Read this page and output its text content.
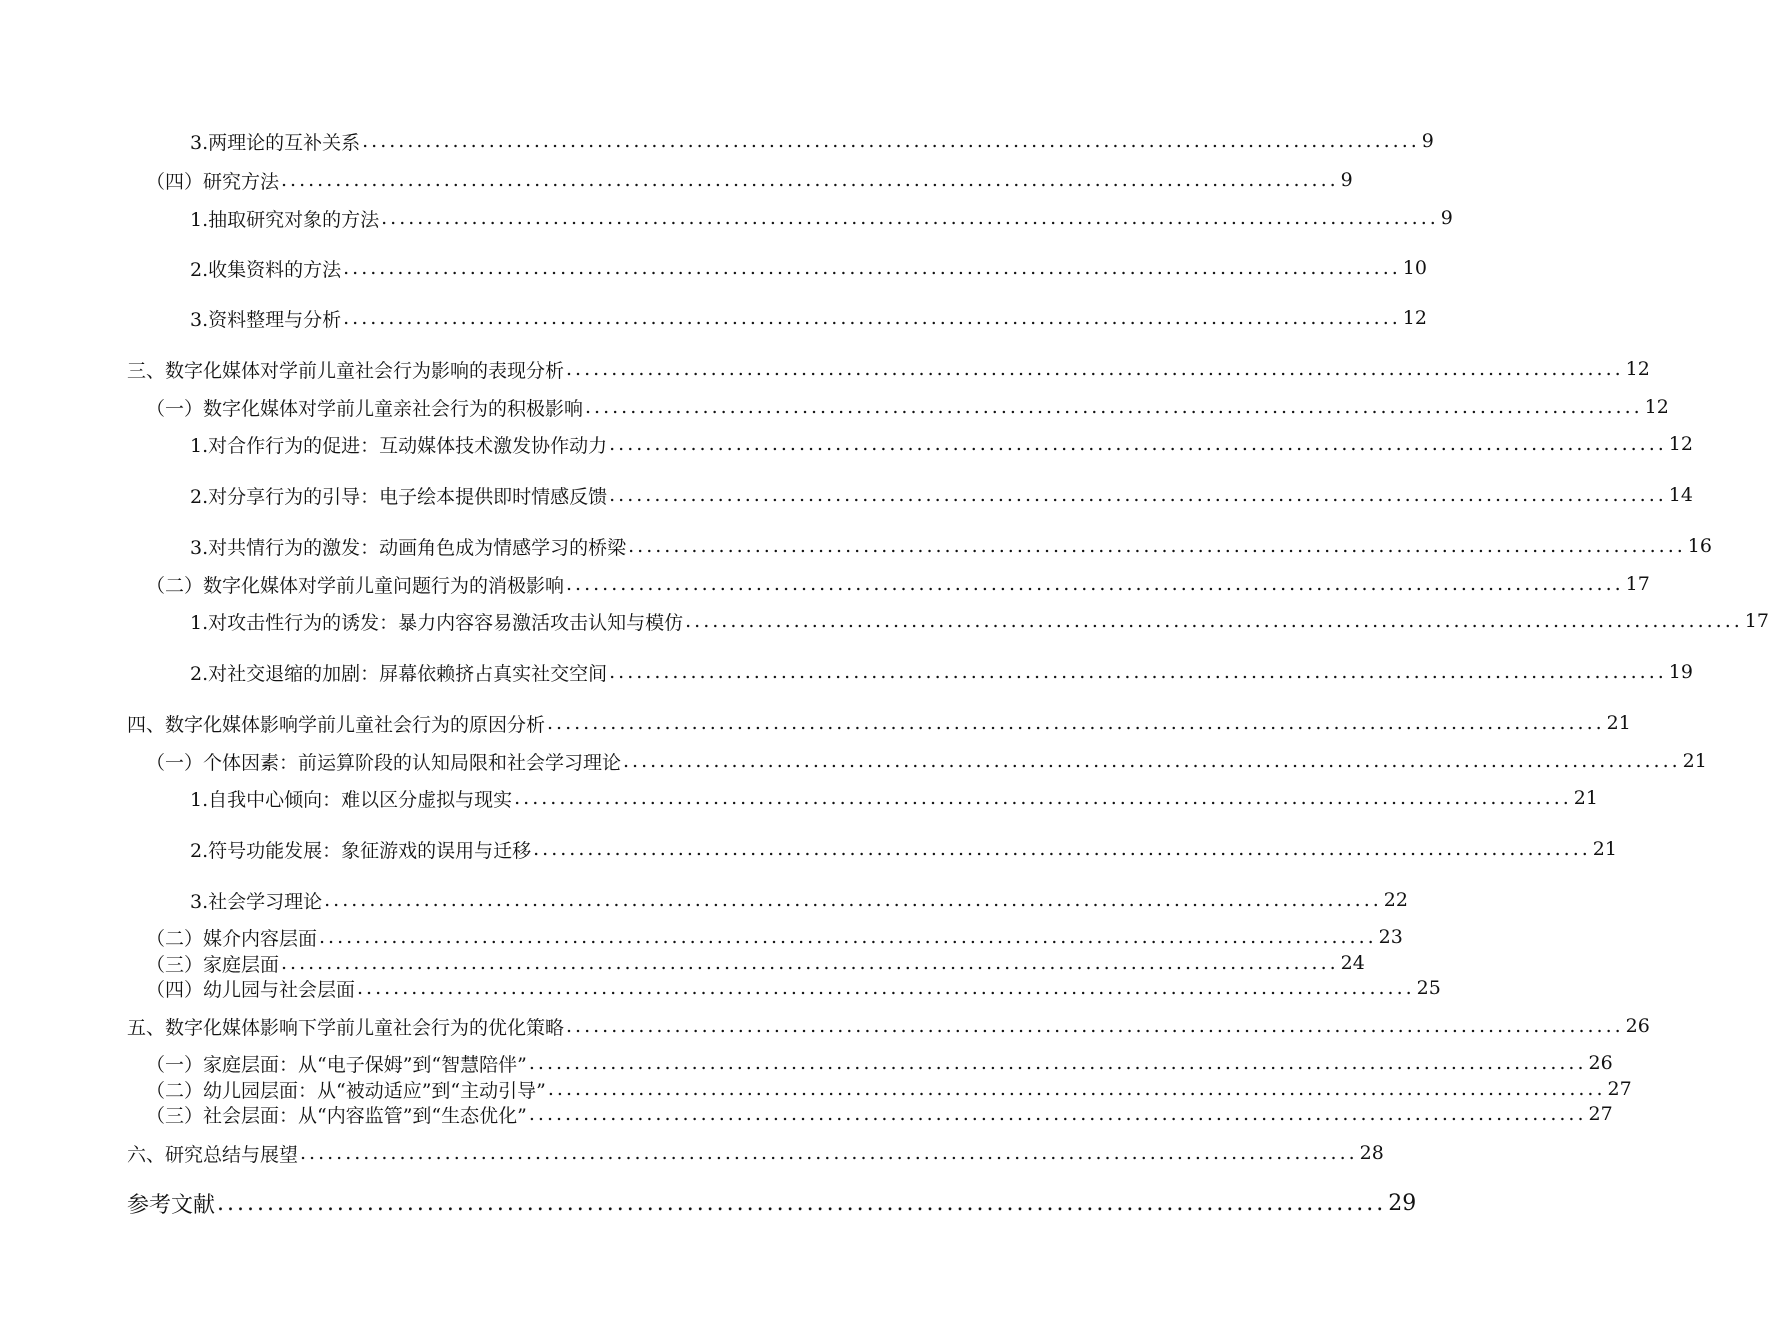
3.两理论的互补关系 ..................................................................................................................... 9
（四）研究方法 ..................................................................................................................... 9
1.抽取研究对象的方法 ..................................................................................................................... 9
2.收集资料的方法 ..................................................................................................................... 10
3.资料整理与分析 ..................................................................................................................... 12
三、数字化媒体对学前儿童社会行为影响的表现分析 ..................................................................................................................... 12
（一）数字化媒体对学前儿童亲社会行为的积极影响 ..................................................................................................................... 12
1.对合作行为的促进：互动媒体技术激发协作动力 ..................................................................................................................... 12
2.对分享行为的引导：电子绘本提供即时情感反馈 ..................................................................................................................... 14
3.对共情行为的激发：动画角色成为情感学习的桥梁 ..................................................................................................................... 16
（二）数字化媒体对学前儿童问题行为的消极影响 ..................................................................................................................... 17
1.对攻击性行为的诱发：暴力内容容易激活攻击认知与模仿 ..................................................................................................................... 17
2.对社交退缩的加剧：屏幕依赖挤占真实社交空间 ..................................................................................................................... 19
四、数字化媒体影响学前儿童社会行为的原因分析 ..................................................................................................................... 21
（一）个体因素：前运算阶段的认知局限和社会学习理论 ..................................................................................................................... 21
1.自我中心倾向：难以区分虚拟与现实 ..................................................................................................................... 21
2.符号功能发展：象征游戏的误用与迁移 ..................................................................................................................... 21
3.社会学习理论 ..................................................................................................................... 22
（二）媒介内容层面 ..................................................................................................................... 23
（三）家庭层面 ..................................................................................................................... 24
（四）幼儿园与社会层面 ..................................................................................................................... 25
五、数字化媒体影响下学前儿童社会行为的优化策略 ..................................................................................................................... 26
（一）家庭层面：从“电子保姆”到“智慧陪伴” ..................................................................................................................... 26
（二）幼儿园层面：从“被动适应”到“主动引导” ..................................................................................................................... 27
（三）社会层面：从“内容监管”到“生态优化” ..................................................................................................................... 27
六、研究总结与展望 ..................................................................................................................... 28
参考文献 ..................................................................................................................... 29
